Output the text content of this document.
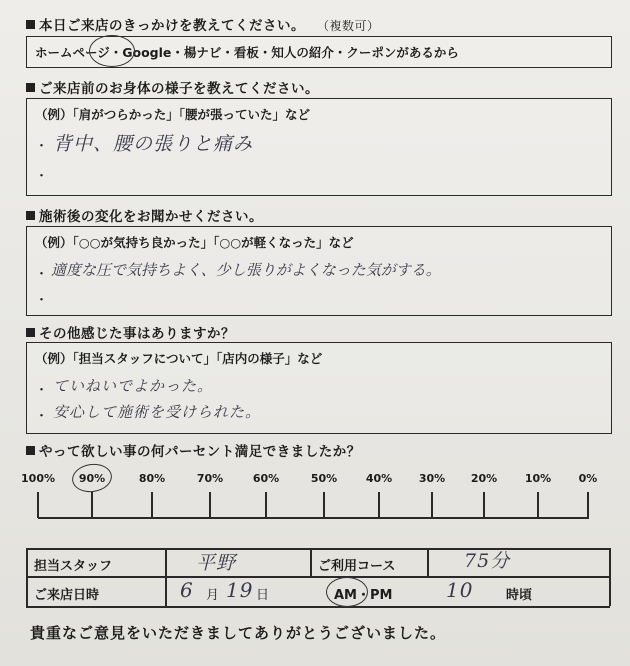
本日ご来店のきっかけを教えてください。 （複数可）
ホームページ・Google・楊ナビ・看板・知人の紹介・クーポンがあるから
ご来店前のお身体の様子を教えてください。
（例）「肩がつらかった」「腰が張っていた」など
・ 背中、腰の張りと痛み
・
施術後の変化をお聞かせください。
（例）「○○が気持ち良かった」「○○が軽くなった」など
・ 適度な圧で気持ちよく、少し張りがよくなった気がする。
・
その他感じた事はありますか？
（例）「担当スタッフについて」「店内の様子」など
・ ていねいでよかった。
・ 安心して施術を受けられた。
やって欲しい事の何パーセント満足できましたか？
100% 90%	80%	70%	60%	50%	40% 30% 20%	10% 0%
担当スタッフ	平野	ご利用コース	75分
ご来店日時	6 月 19 日	AM・PM	10	時頃
貴重なご意見をいただきましてありがとうございました。
